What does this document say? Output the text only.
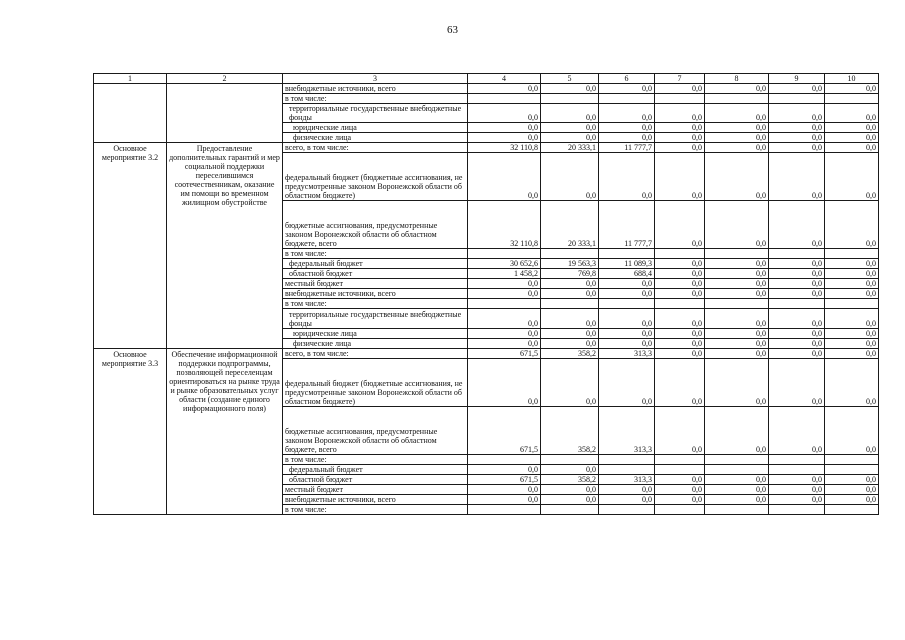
63
1	2	3	4	5	6	7	8	9	10
		внебюджетные источники, всего	0,0	0,0	0,0	0,0	0,0	0,0	0,0
		в том числе:							
		территориальные государственные внебюджетные фонды	0,0	0,0	0,0	0,0	0,0	0,0	0,0
		юридические лица	0,0	0,0	0,0	0,0	0,0	0,0	0,0
		физические лица	0,0	0,0	0,0	0,0	0,0	0,0	0,0
Основное мероприятие 3.2	Предоставление дополнительных гарантий и мер социальной поддержки переселившимся соотечественникам, оказание им помощи во временном жилищном обустройстве	всего, в том числе:	32 110,8	20 333,1	11 777,7	0,0	0,0	0,0	0,0
		федеральный бюджет (бюджетные ассигнования, не предусмотренные законом Воронежской области об областном бюджете)	0,0	0,0	0,0	0,0	0,0	0,0	0,0
		бюджетные ассигнования, предусмотренные законом Воронежской области об областном бюджете, всего	32 110,8	20 333,1	11 777,7	0,0	0,0	0,0	0,0
		в том числе:							
		федеральный бюджет	30 652,6	19 563,3	11 089,3	0,0	0,0	0,0	0,0
		областной бюджет	1 458,2	769,8	688,4	0,0	0,0	0,0	0,0
		местный бюджет	0,0	0,0	0,0	0,0	0,0	0,0	0,0
		внебюджетные источники, всего	0,0	0,0	0,0	0,0	0,0	0,0	0,0
		в том числе:							
		территориальные государственные внебюджетные фонды	0,0	0,0	0,0	0,0	0,0	0,0	0,0
		юридические лица	0,0	0,0	0,0	0,0	0,0	0,0	0,0
		физические лица	0,0	0,0	0,0	0,0	0,0	0,0	0,0
Основное мероприятие 3.3	Обеспечение информационной поддержки подпрограммы, позволяющей переселенцам ориентироваться на рынке труда и рынке образовательных услуг области (создание единого информационного поля)	всего, в том числе:	671,5	358,2	313,3	0,0	0,0	0,0	0,0
		федеральный бюджет (бюджетные ассигнования, не предусмотренные законом Воронежской области об областном бюджете)	0,0	0,0	0,0	0,0	0,0	0,0	0,0
		бюджетные ассигнования, предусмотренные законом Воронежской области об областном бюджете, всего	671,5	358,2	313,3	0,0	0,0	0,0	0,0
		в том числе:							
		федеральный бюджет	0,0	0,0					
		областной бюджет	671,5	358,2	313,3	0,0	0,0	0,0	0,0
		местный бюджет	0,0	0,0	0,0	0,0	0,0	0,0	0,0
		внебюджетные источники, всего	0,0	0,0	0,0	0,0	0,0	0,0	0,0
		в том числе:							
